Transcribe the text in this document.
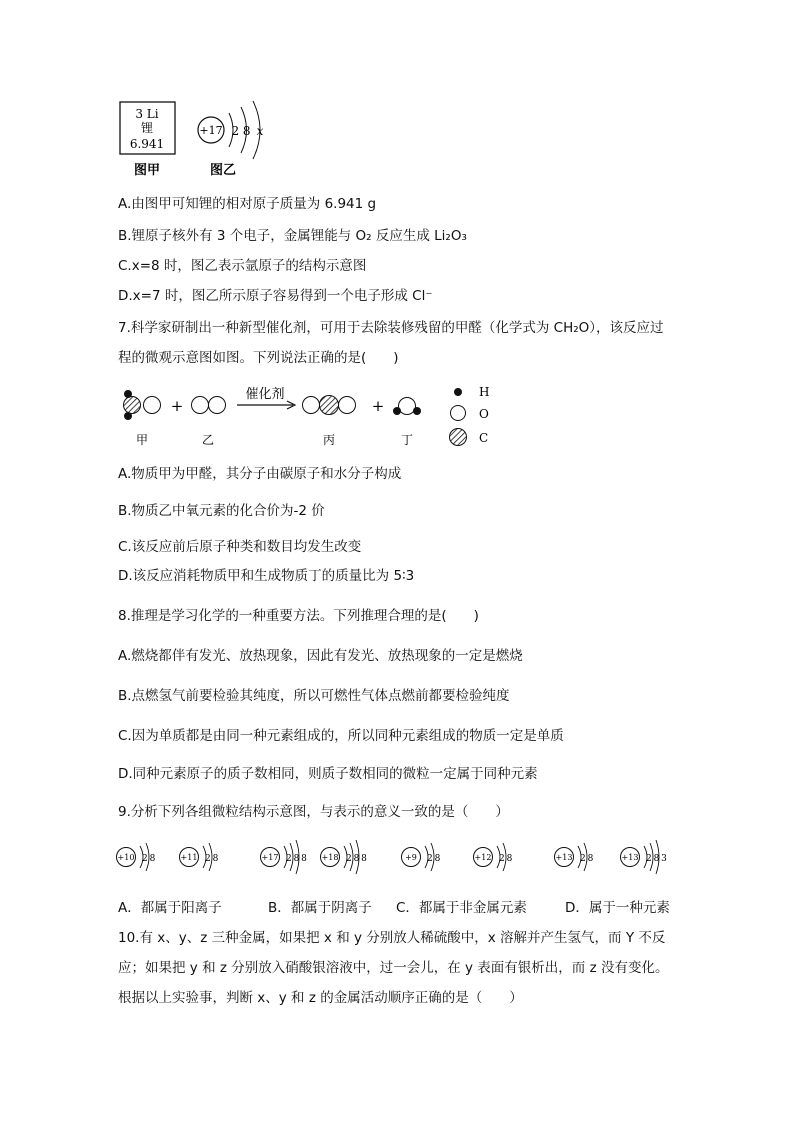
3 Li
锂
6.941
图甲
+17 2 8 x
图乙
A.由图甲可知锂的相对原子质量为 6.941 g
B.锂原子核外有 3 个电子，金属锂能与 O₂ 反应生成 Li₂O₃
C.x=8 时，图乙表示氩原子的结构示意图
D.x=7 时，图乙所示原子容易得到一个电子形成 Cl⁻
7.科学家研制出一种新型催化剂，可用于去除装修残留的甲醛（化学式为 CH₂O），该反应过
程的微观示意图如图。下列说法正确的是(　　)
+
催化剂
+
H
O
C
甲	乙	丙	丁
A.物质甲为甲醛，其分子由碳原子和水分子构成
B.物质乙中氧元素的化合价为-2 价
C.该反应前后原子种类和数目均发生改变
D.该反应消耗物质甲和生成物质丁的质量比为 5∶3
8.推理是学习化学的一种重要方法。下列推理合理的是(　　)
A.燃烧都伴有发光、放热现象，因此有发光、放热现象的一定是燃烧
B.点燃氢气前要检验其纯度，所以可燃性气体点燃前都要检验纯度
C.因为单质都是由同一种元素组成的，所以同种元素组成的物质一定是单质
D.同种元素原子的质子数相同，则质子数相同的微粒一定属于同种元素
9.分析下列各组微粒结构示意图，与表示的意义一致的是（　　）
+10 2 8	+11 2 8	+17 2 8 8 +18 2 8 8	+9 2 8	+12 2 8	+13 2 8	+13 2 8 3
A．都属于阳离子	B．都属于阴离子 C．都属于非金属元素	D．属于一种元素
10.有 x、y、z 三种金属，如果把 x 和 y 分别放人稀硫酸中，x 溶解并产生氢气，而 Y 不反
应；如果把 y 和 z 分别放入硝酸银溶液中，过一会儿，在 y 表面有银析出，而 z 没有变化。
根据以上实验事，判断 x、y 和 z 的金属活动顺序正确的是（　　）
